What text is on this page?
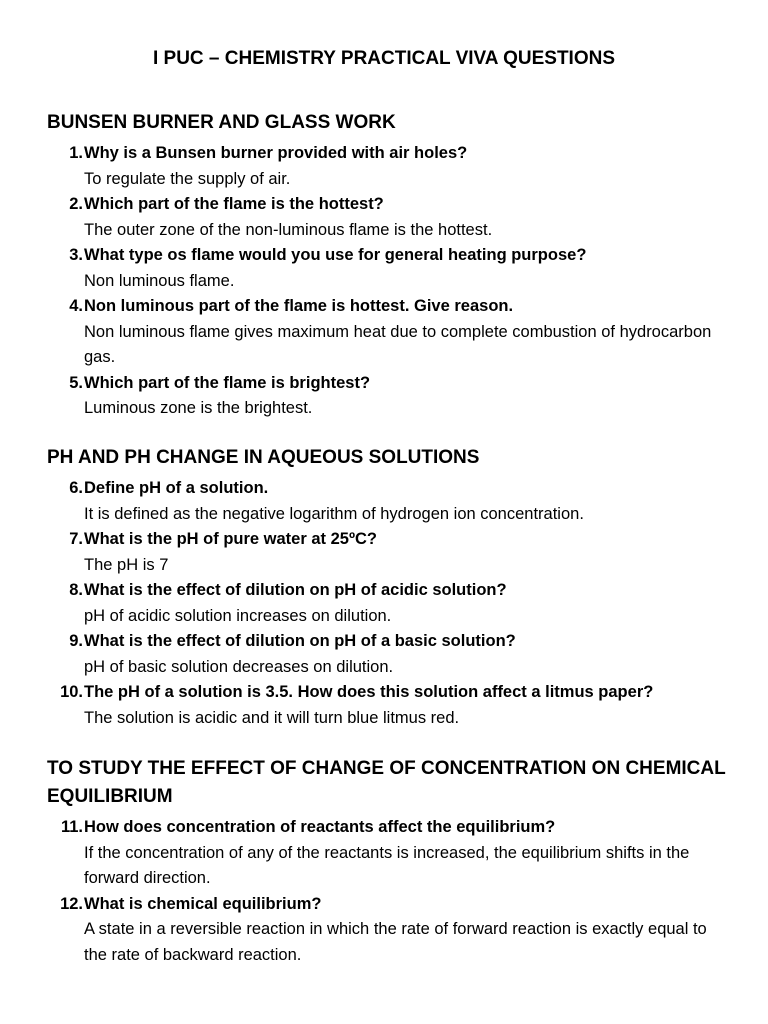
I PUC – CHEMISTRY PRACTICAL VIVA QUESTIONS
BUNSEN BURNER AND GLASS WORK
1. Why is a Bunsen burner provided with air holes?
To regulate the supply of air.
2. Which part of the flame is the hottest?
The outer zone of the non-luminous flame is the hottest.
3. What type os flame would you use for general heating purpose?
Non luminous flame.
4. Non luminous part of the flame is hottest. Give reason.
Non luminous flame gives maximum heat due to complete combustion of hydrocarbon gas.
5. Which part of the flame is brightest?
Luminous zone is the brightest.
PH AND PH CHANGE IN AQUEOUS SOLUTIONS
6. Define pH of a solution.
It is defined as the negative logarithm of hydrogen ion concentration.
7. What is the pH of pure water at 25ºC?
The pH is 7
8. What is the effect of dilution on pH of acidic solution?
pH of acidic solution increases on dilution.
9. What is the effect of dilution on pH of a basic solution?
pH of basic solution decreases on dilution.
10. The pH of a solution is 3.5. How does this solution affect a litmus paper?
The solution is acidic and it will turn blue litmus red.
TO STUDY THE EFFECT OF CHANGE OF CONCENTRATION ON CHEMICAL EQUILIBRIUM
11. How does concentration of reactants affect the equilibrium?
If the concentration of any of the reactants is increased, the equilibrium shifts in the forward direction.
12. What is chemical equilibrium?
A state in a reversible reaction in which the rate of forward reaction is exactly equal to the rate of backward reaction.
